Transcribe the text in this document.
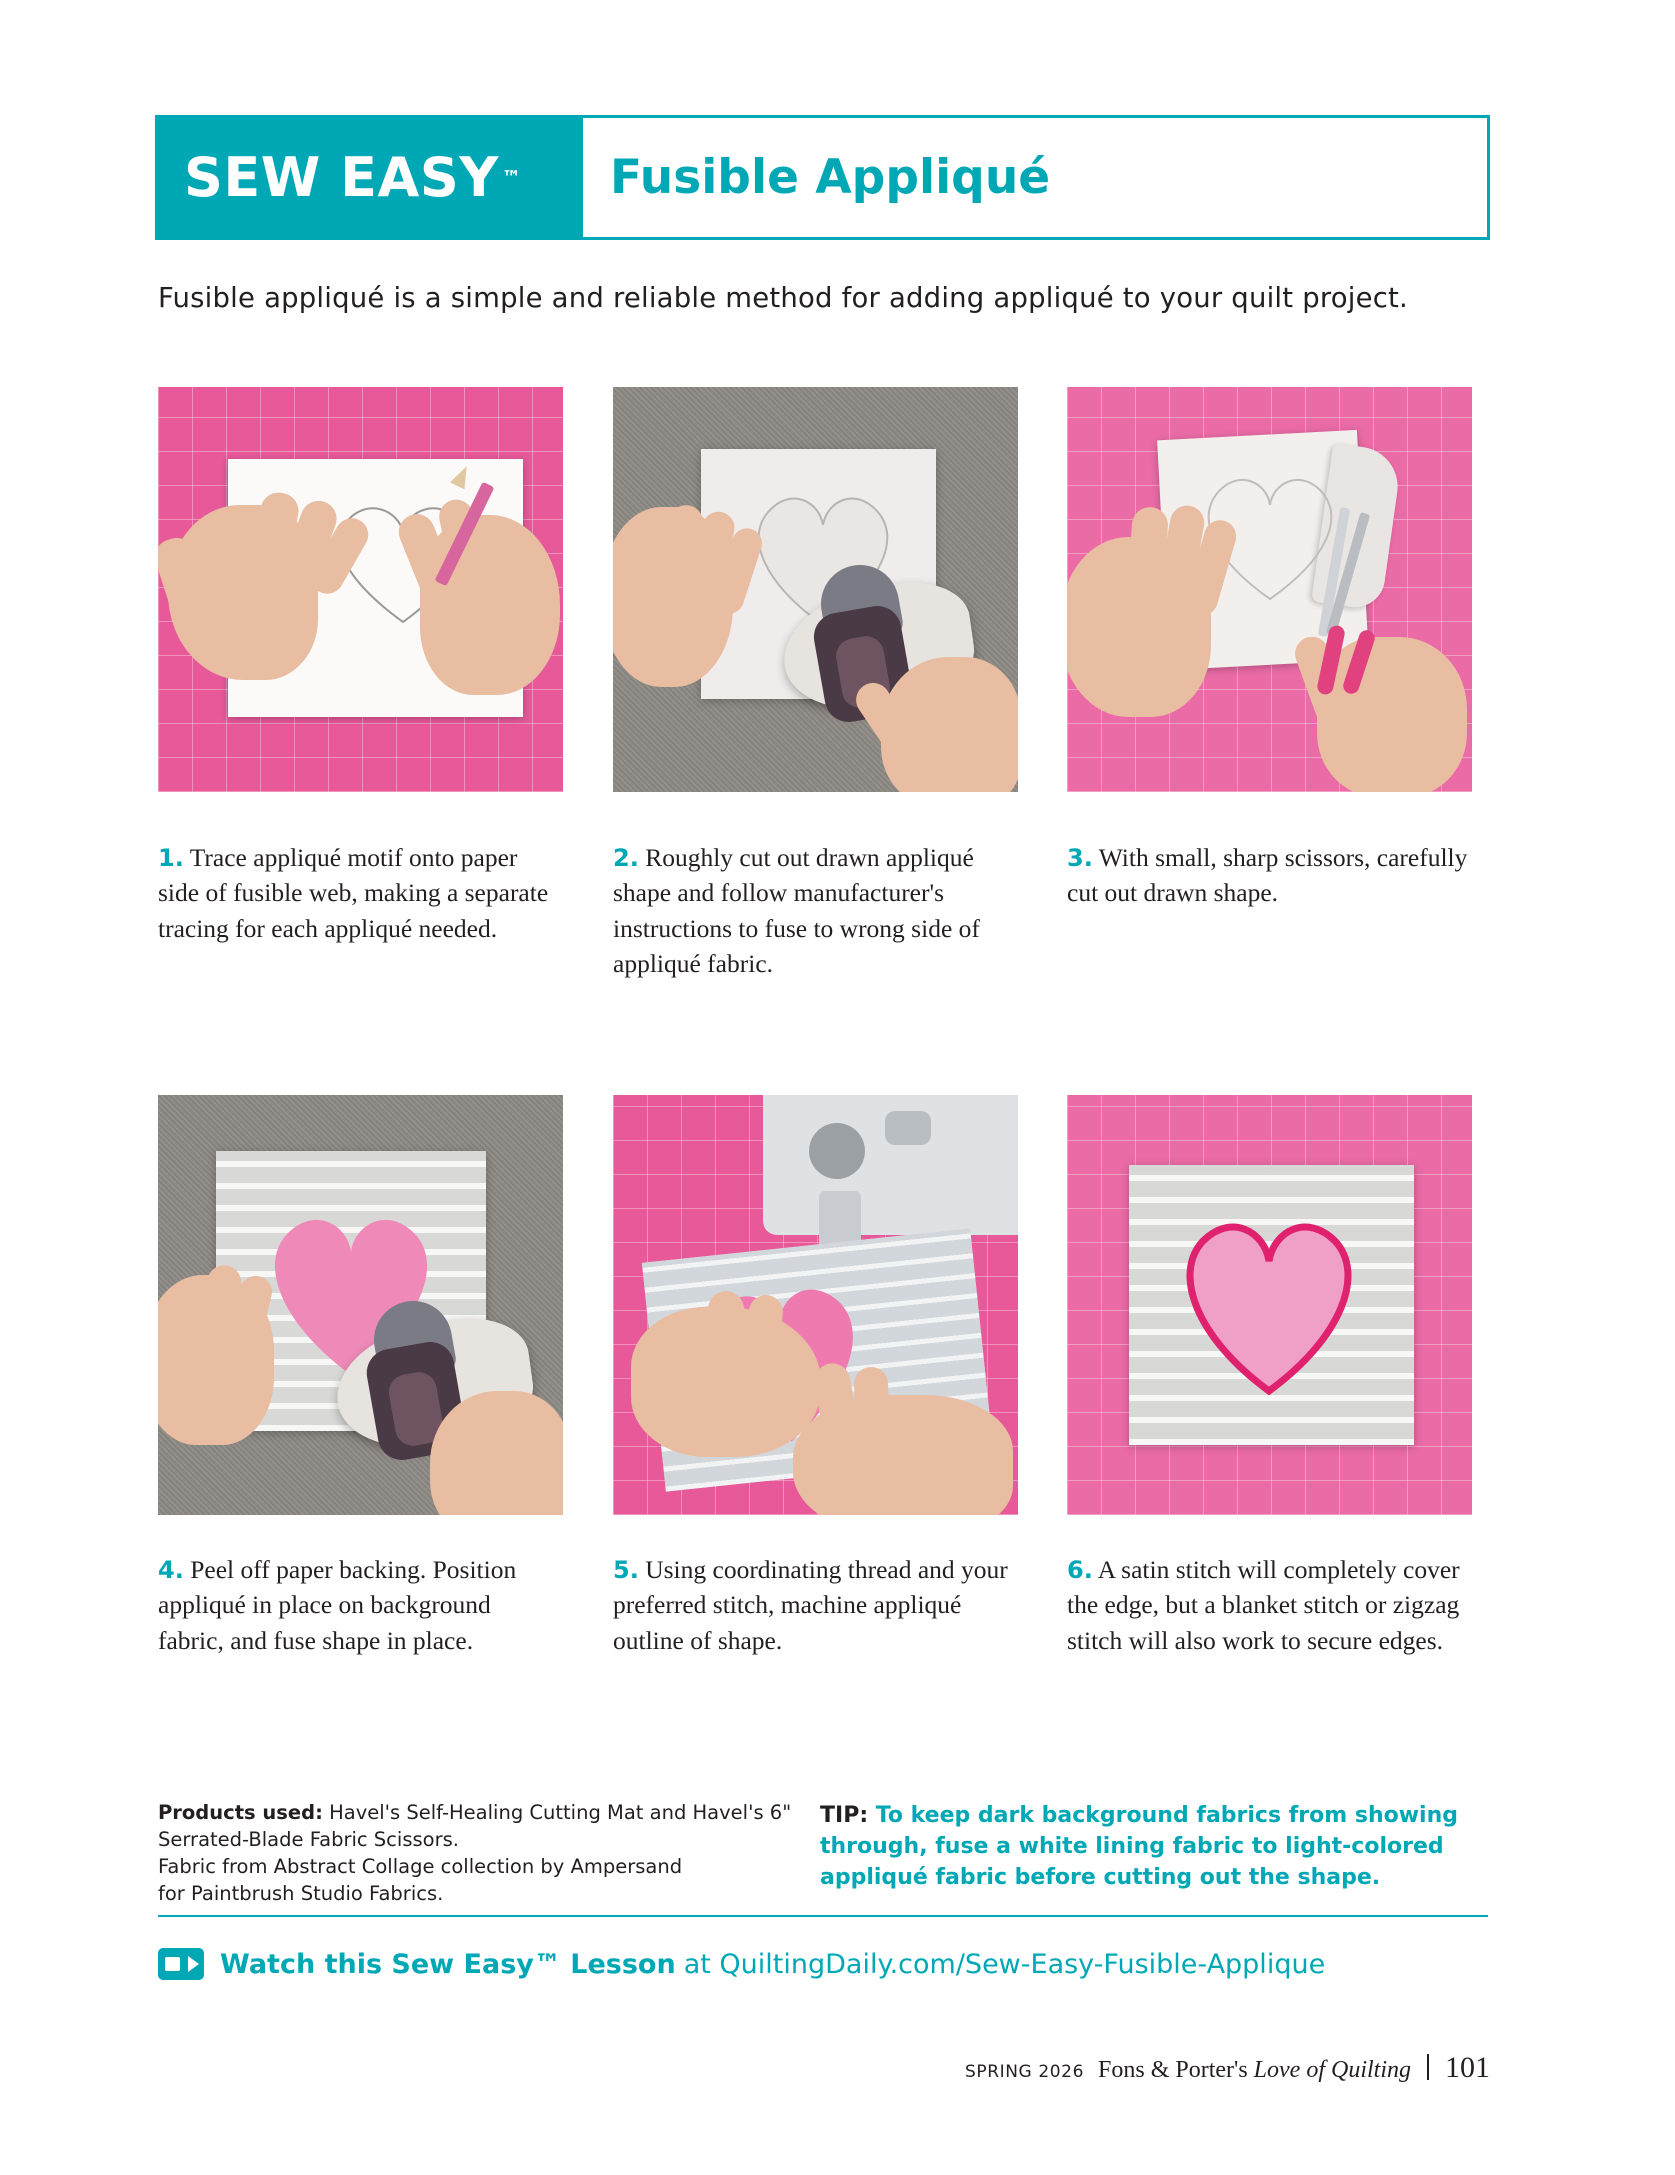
SEW EASY ™ Fusible Appliqué
Fusible appliqué is a simple and reliable method for adding appliqué to your quilt project.
1. Trace appliqué motif onto paper side of fusible web, making a separate tracing for each appliqué needed.
2. Roughly cut out drawn appliqué shape and follow manufacturer's instructions to fuse to wrong side of appliqué fabric.
3. With small, sharp scissors, carefully cut out drawn shape.
4. Peel off paper backing. Position appliqué in place on background fabric, and fuse shape in place.
5. Using coordinating thread and your preferred stitch, machine appliqué outline of shape.
6. A satin stitch will completely cover the edge, but a blanket stitch or zigzag stitch will also work to secure edges.
Products used: Havel's Self-Healing Cutting Mat and Havel's 6"
Serrated-Blade Fabric Scissors.
Fabric from Abstract Collage collection by Ampersand
for Paintbrush Studio Fabrics.
TIP: To keep dark background fabrics from showing through, fuse a white lining fabric to light-colored appliqué fabric before cutting out the shape.
Watch this Sew Easy™ Lesson at QuiltingDaily.com/Sew-Easy-Fusible-Applique
SPRING 2026 Fons & Porter's Love of Quilting 101
